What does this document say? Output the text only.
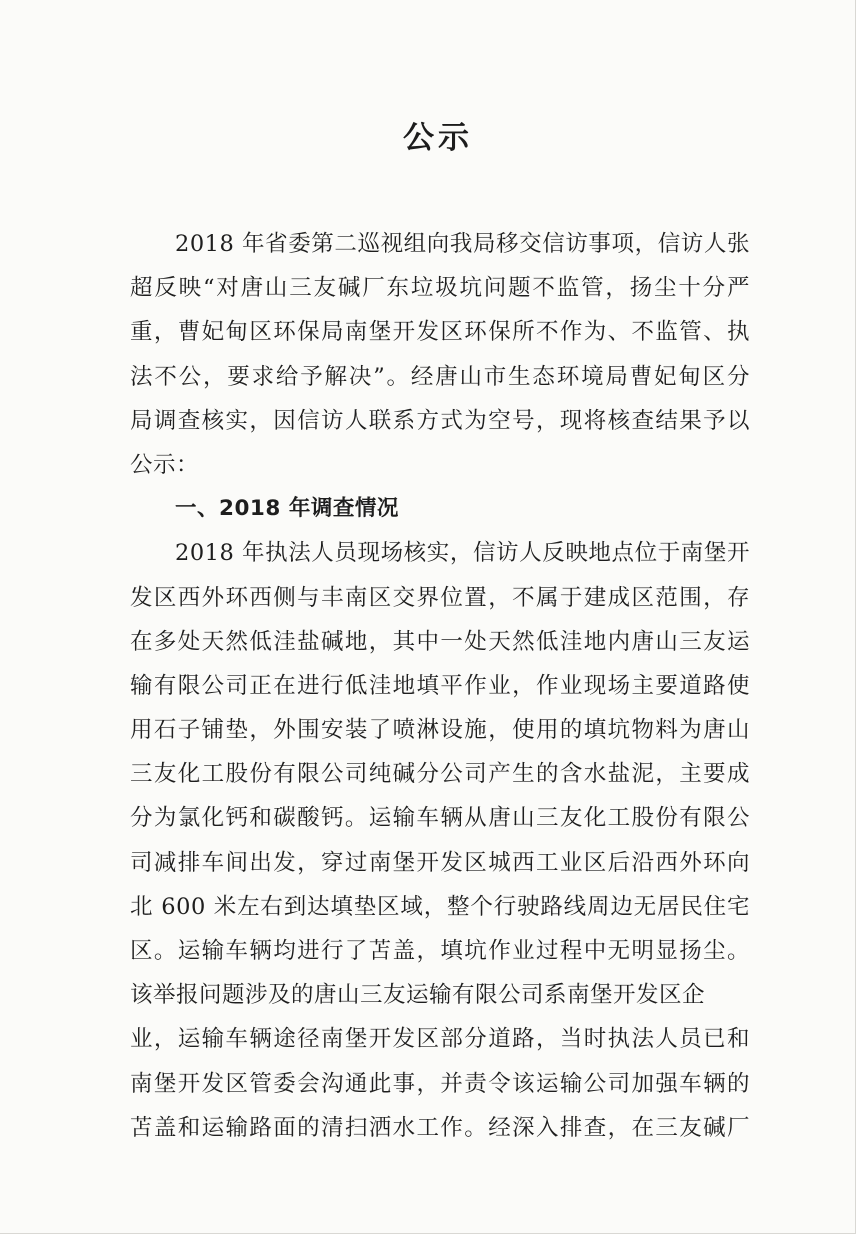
公示
2018 年省委第二巡视组向我局移交信访事项，信访人张
超反映“对唐山三友碱厂东垃圾坑问题不监管，扬尘十分严
重，曹妃甸区环保局南堡开发区环保所不作为、不监管、执
法不公，要求给予解决”。经唐山市生态环境局曹妃甸区分
局调查核实，因信访人联系方式为空号，现将核查结果予以
公示：
一、2018 年调查情况
2018 年执法人员现场核实，信访人反映地点位于南堡开
发区西外环西侧与丰南区交界位置，不属于建成区范围，存
在多处天然低洼盐碱地，其中一处天然低洼地内唐山三友运
输有限公司正在进行低洼地填平作业，作业现场主要道路使
用石子铺垫，外围安装了喷淋设施，使用的填坑物料为唐山
三友化工股份有限公司纯碱分公司产生的含水盐泥，主要成
分为氯化钙和碳酸钙。运输车辆从唐山三友化工股份有限公
司减排车间出发，穿过南堡开发区城西工业区后沿西外环向
北 600 米左右到达填垫区域，整个行驶路线周边无居民住宅
区。运输车辆均进行了苫盖，填坑作业过程中无明显扬尘。
该举报问题涉及的唐山三友运输有限公司系南堡开发区企
业，运输车辆途径南堡开发区部分道路，当时执法人员已和
南堡开发区管委会沟通此事，并责令该运输公司加强车辆的
苫盖和运输路面的清扫洒水工作。经深入排查，在三友碱厂
